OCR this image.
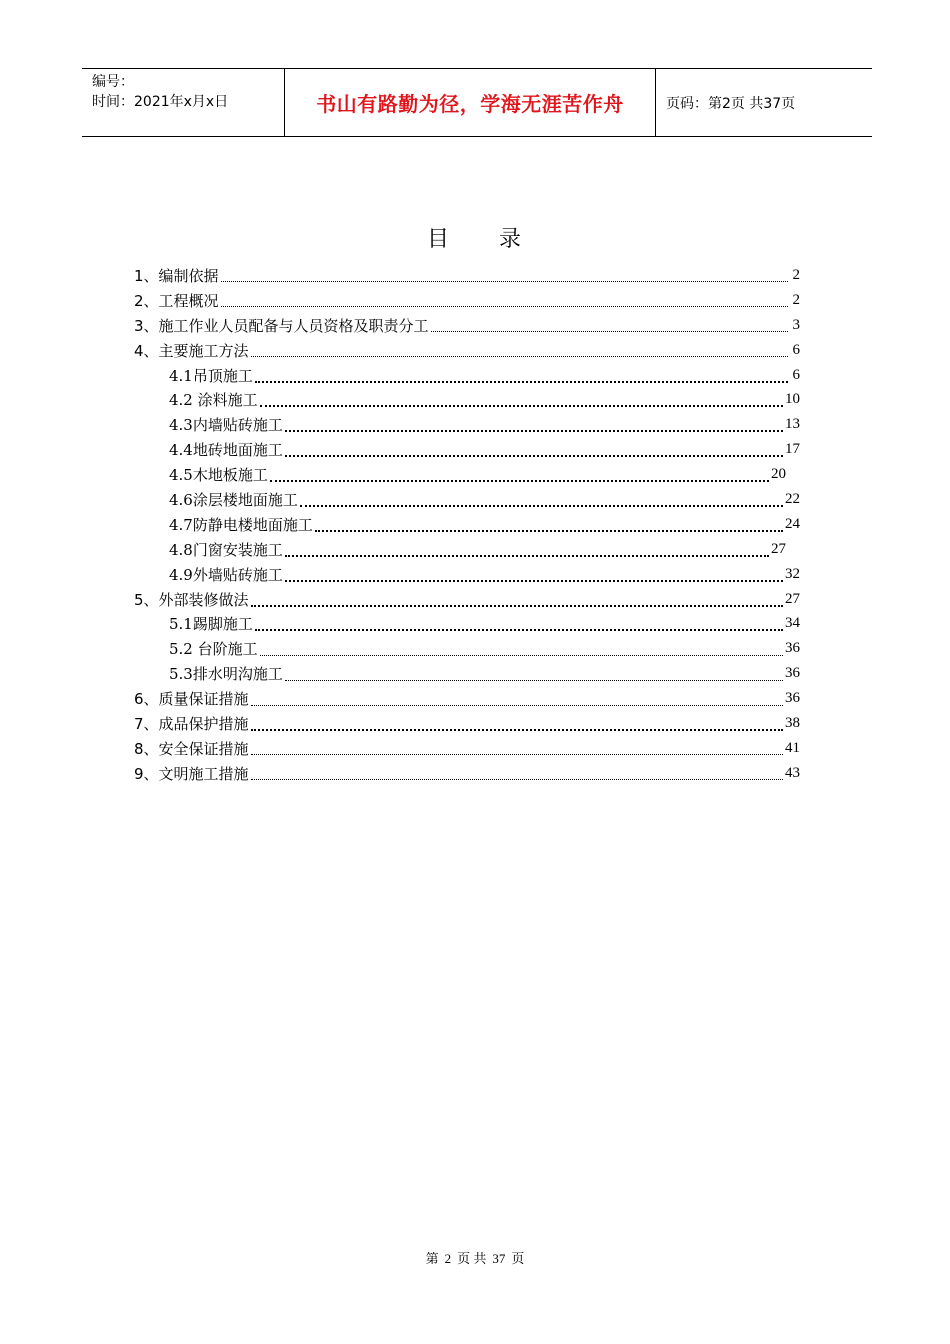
编号：
时间：2021年x月x日	书山有路勤为径，学海无涯苦作舟	页码：第2页 共37页
目 录
1、编制依据	2
2、工程概况	2
3、施工作业人员配备与人员资格及职责分工	3
4、主要施工方法	6
4.1吊顶施工	6
4.2 涂料施工	10
4.3内墙贴砖施工	13
4.4地砖地面施工	17
4.5木地板施工	20
4.6涂层楼地面施工	22
4.7防静电楼地面施工	24
4.8门窗安装施工	27
4.9外墙贴砖施工	32
5、外部装修做法	27
5.1踢脚施工	34
5.2 台阶施工	36
5.3排水明沟施工	36
6、质量保证措施	36
7、成品保护措施	38
8、安全保证措施	41
9、文明施工措施	43
第 2 页 共 37 页
